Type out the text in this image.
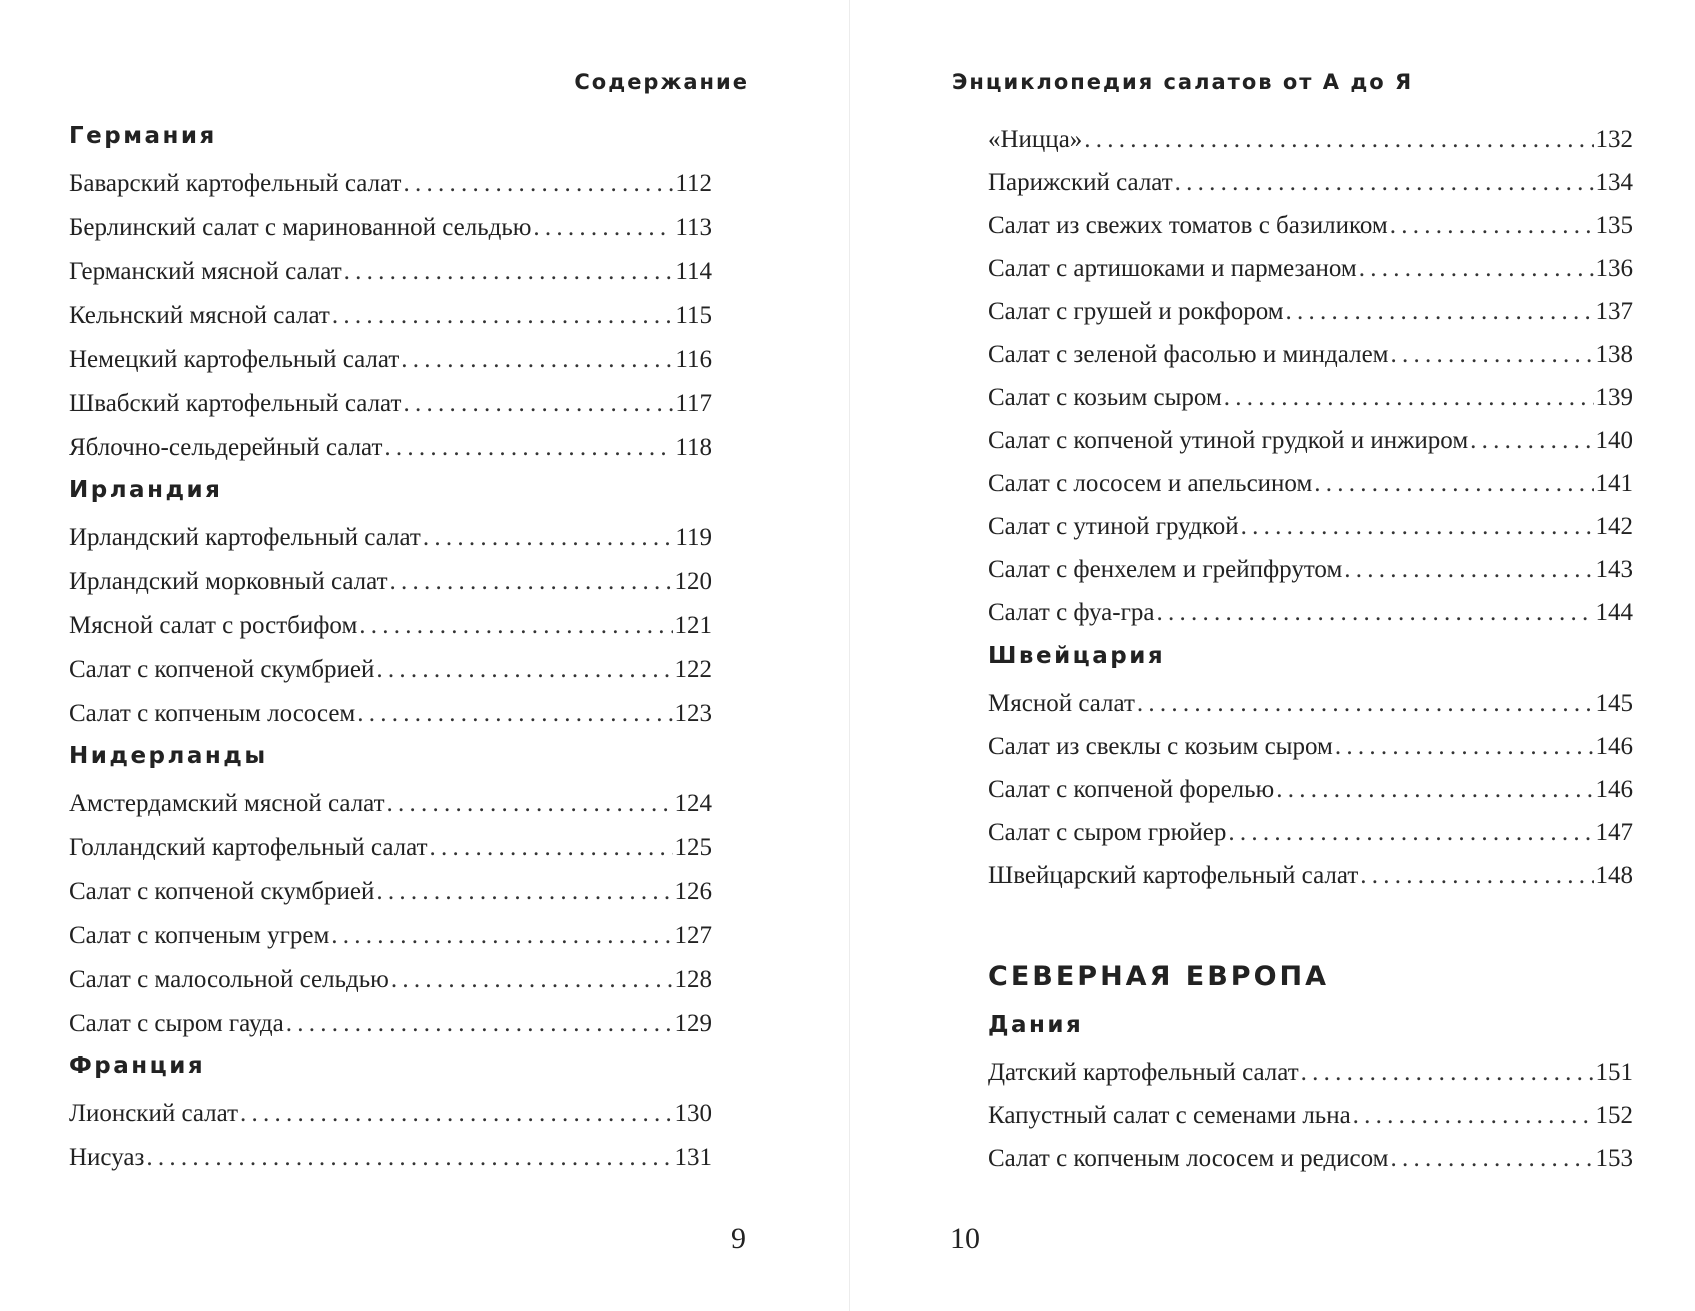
Содержание
Германия
Баварский картофельный салат . . .	112
Берлинский салат с маринованной сельдью . . .	113
Германский мясной салат . . .	114
Кельнский мясной салат . . .	115
Немецкий картофельный салат . . .	116
Швабский картофельный салат . . .	117
Яблочно-сельдерейный салат . . .	118
Ирландия
Ирландский картофельный салат . . .	119
Ирландский морковный салат . . .	120
Мясной салат с ростбифом . . .	121
Салат с копченой скумбрией . . .	122
Салат с копченым лососем . . .	123
Нидерланды
Амстердамский мясной салат . . .	124
Голландский картофельный салат . . .	125
Салат с копченой скумбрией . . .	126
Салат с копченым угрем . . .	127
Салат с малосольной сельдью . . .	128
Салат с сыром гауда . . .	129
Франция
Лионский салат . . .	130
Нисуаз . . .	131
9
Энциклопедия салатов от А до Я
«Ницца» . . .	132
Парижский салат . . .	134
Салат из свежих томатов с базиликом . . .	135
Салат с артишоками и пармезаном . . .	136
Салат с грушей и рокфором . . .	137
Салат с зеленой фасолью и миндалем . . .	138
Салат с козьим сыром . . .	139
Салат с копченой утиной грудкой и инжиром . . .	140
Салат с лососем и апельсином . . .	141
Салат с утиной грудкой . . .	142
Салат с фенхелем и грейпфрутом . . .	143
Салат с фуа-гра . . .	144
Швейцария
Мясной салат . . .	145
Салат из свеклы с козьим сыром . . .	146
Салат с копченой форелью . . .	146
Салат с сыром грюйер . . .	147
Швейцарский картофельный салат . . .	148
СЕВЕРНАЯ ЕВРОПА
Дания
Датский картофельный салат . . .	151
Капустный салат с семенами льна . . .	152
Салат с копченым лососем и редисом . . .	153
10
